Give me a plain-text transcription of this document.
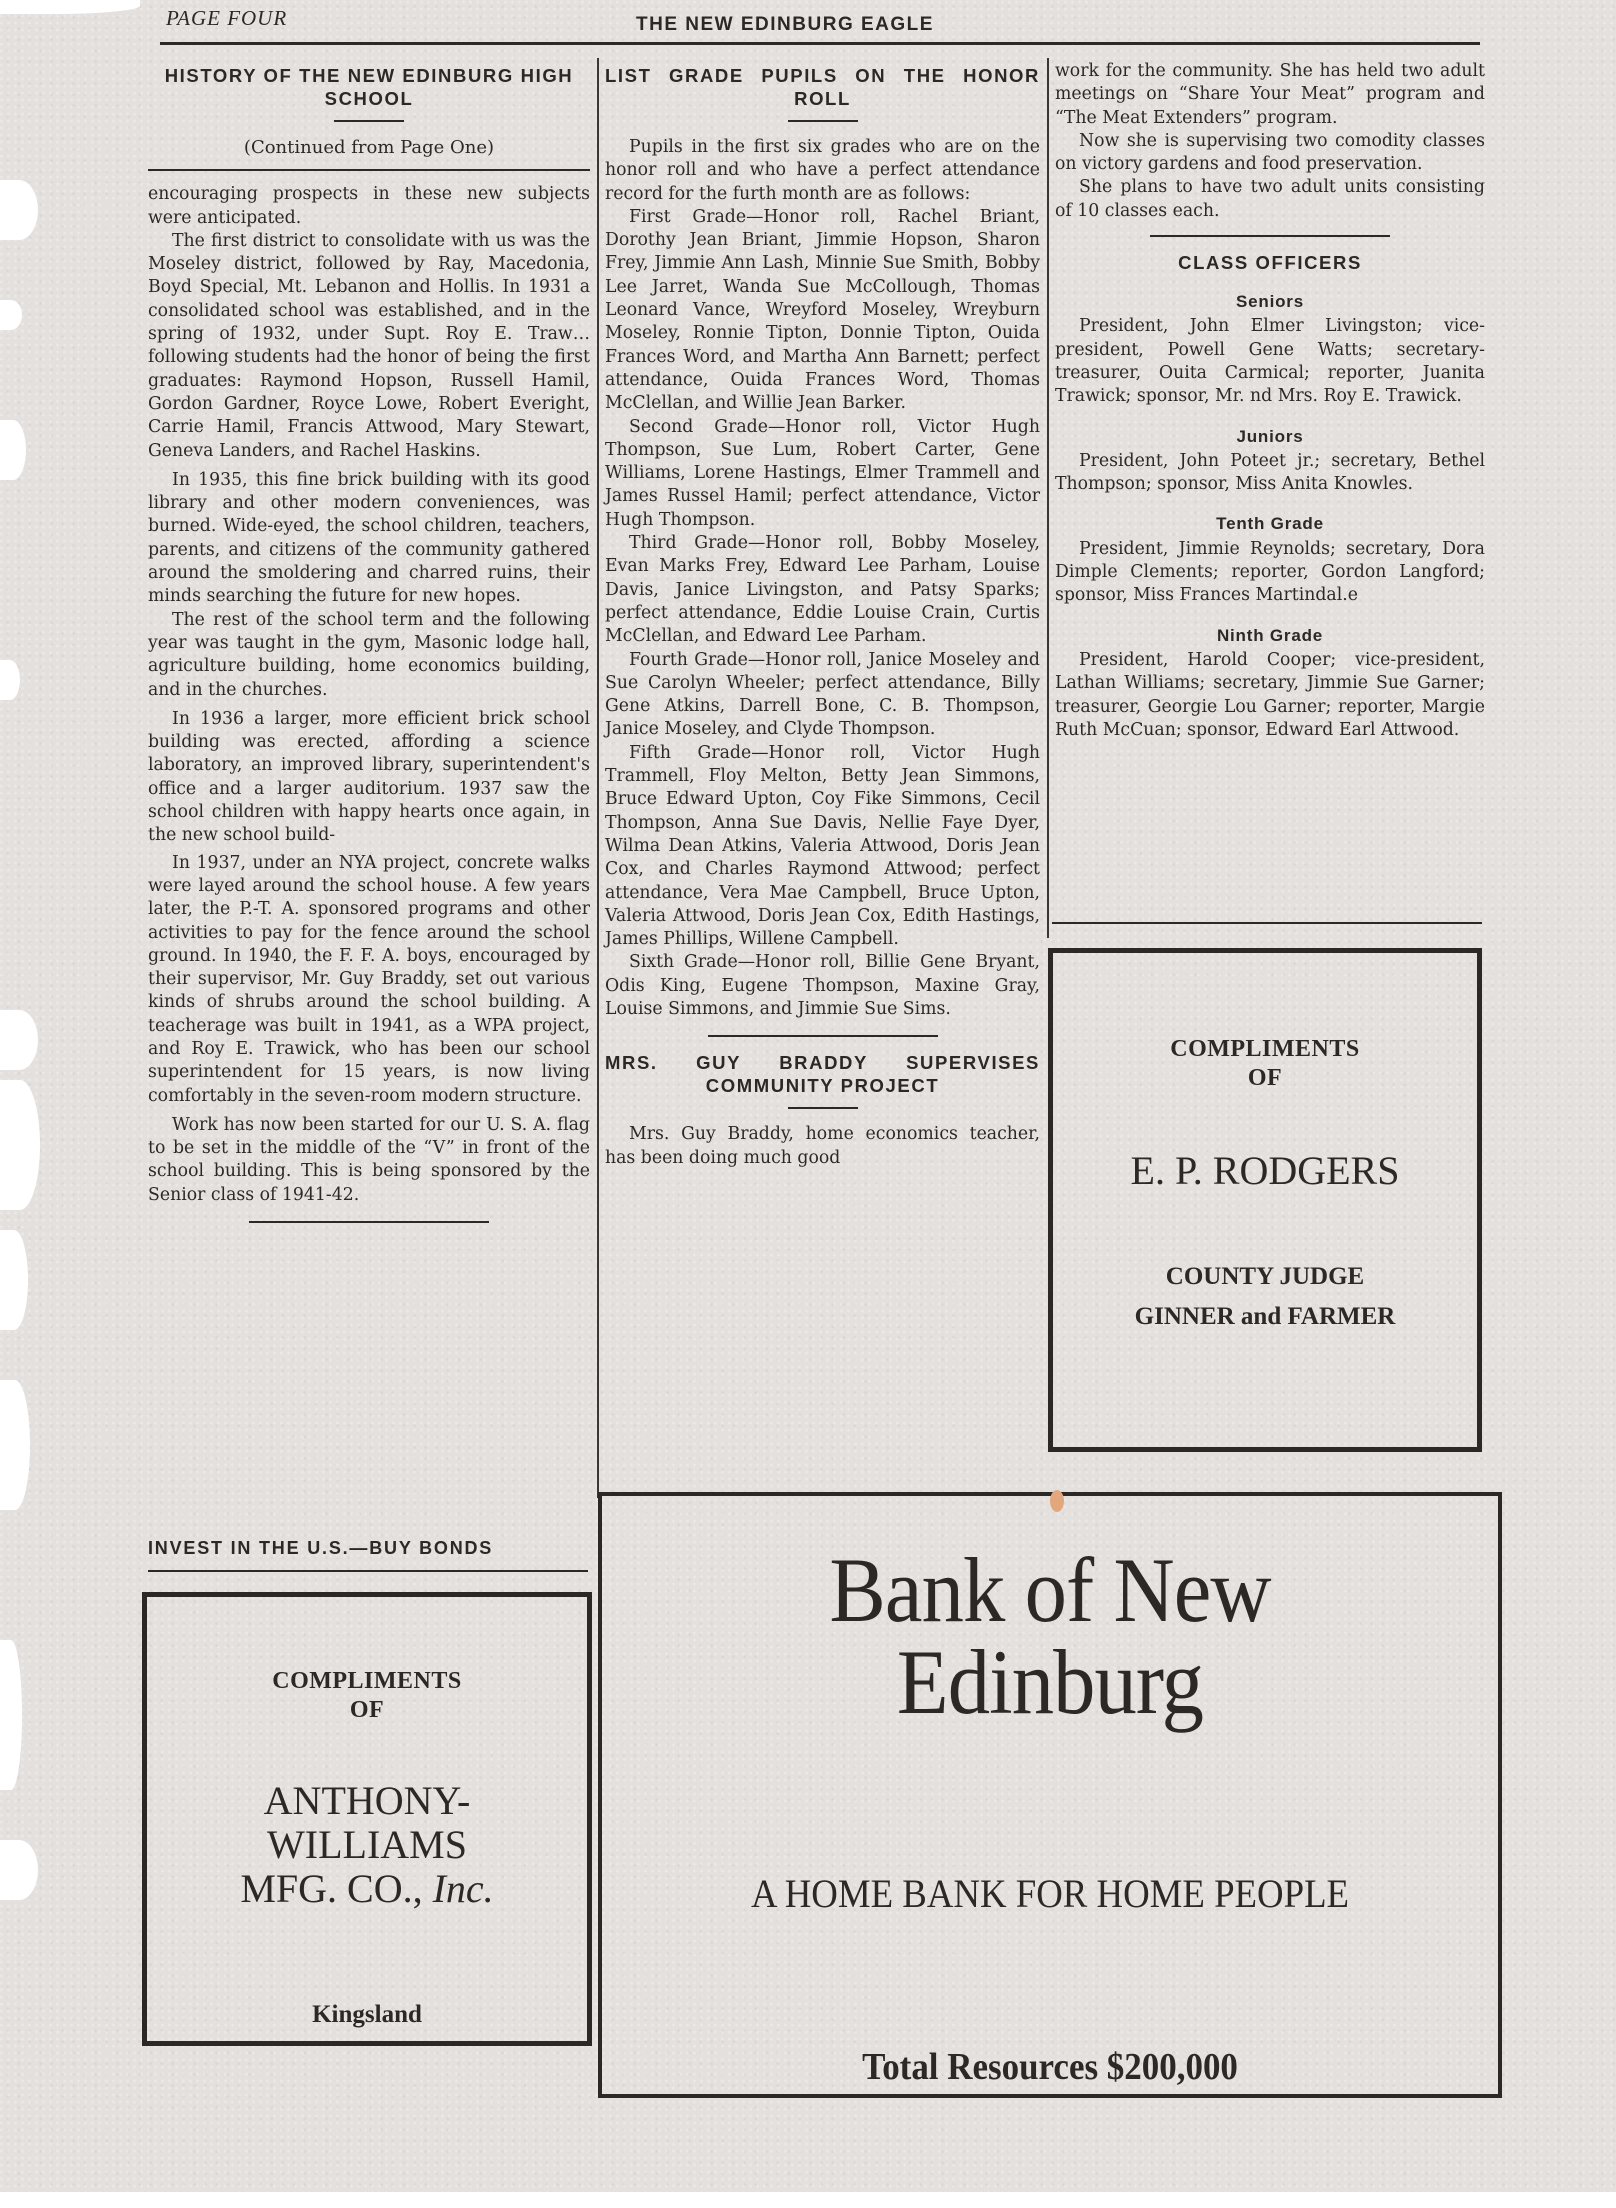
PAGE FOUR	THE NEW EDINBURG EAGLE
HISTORY OF THE NEW EDINBURG HIGH SCHOOL
(Continued from Page One)

encouraging prospects in these new subjects were anticipated.

The first district to consolidate with us was the Moseley district, followed by Ray, Macedonia, Boyd Special, Mt. Lebanon and Hollis. In 1931 a consolidated school was established, and in the spring of 1932, under Supt. Roy E. Traw… following students had the honor of being the first graduates: Raymond Hopson, Russell Hamil, Gordon Gardner, Royce Lowe, Robert Everight, Carrie Hamil, Francis Attwood, Mary Stewart, Geneva Landers, and Rachel Haskins.

In 1935, this fine brick building with its good library and other modern conveniences, was burned. Wide-eyed, the school children, teachers, parents, and citizens of the community gathered around the smoldering and charred ruins, their minds searching the future for new hopes.

The rest of the school term and the following year was taught in the gym, Masonic lodge hall, agriculture building, home economics building, and in the churches.

In 1936 a larger, more efficient brick school building was erected, affording a science laboratory, an improved library, superintendent's office and a larger auditorium. 1937 saw the school children with happy hearts once again, in the new school build-

In 1937, under an NYA project, concrete walks were layed around the school house. A few years later, the P.-T. A. sponsored programs and other activities to pay for the fence around the school ground. In 1940, the F. F. A. boys, encouraged by their supervisor, Mr. Guy Braddy, set out various kinds of shrubs around the school building. A teacherage was built in 1941, as a WPA project, and Roy E. Trawick, who has been our school superintendent for 15 years, is now living comfortably in the seven-room modern structure.

Work has now been started for our U. S. A. flag to be set in the middle of the “V” in front of the school building. This is being sponsored by the Senior class of 1941-42.

INVEST IN THE U.S.—BUY BONDS
LIST GRADE PUPILS ON THE HONOR ROLL

Pupils in the first six grades who are on the honor roll and who have a perfect attendance record for the furth month are as follows:

First Grade—Honor roll, Rachel Briant, Dorothy Jean Briant, Jimmie Hopson, Sharon Frey, Jimmie Ann Lash, Minnie Sue Smith, Bobby Lee Jarret, Wanda Sue McCollough, Thomas Leonard Vance, Wreyford Moseley, Wreyburn Moseley, Ronnie Tipton, Donnie Tipton, Ouida Frances Word, and Martha Ann Barnett; perfect attendance, Ouida Frances Word, Thomas McClellan, and Willie Jean Barker.

Second Grade—Honor roll, Victor Hugh Thompson, Sue Lum, Robert Carter, Gene Williams, Lorene Hastings, Elmer Trammell and James Russel Hamil; perfect attendance, Victor Hugh Thompson.

Third Grade—Honor roll, Bobby Moseley, Evan Marks Frey, Edward Lee Parham, Louise Davis, Janice Livingston, and Patsy Sparks; perfect attendance, Eddie Louise Crain, Curtis McClellan, and Edward Lee Parham.

Fourth Grade—Honor roll, Janice Moseley and Sue Carolyn Wheeler; perfect attendance, Billy Gene Atkins, Darrell Bone, C. B. Thompson, Janice Moseley, and Clyde Thompson.

Fifth Grade—Honor roll, Victor Hugh Trammell, Floy Melton, Betty Jean Simmons, Bruce Edward Upton, Coy Fike Simmons, Cecil Thompson, Anna Sue Davis, Nellie Faye Dyer, Wilma Dean Atkins, Valeria Attwood, Doris Jean Cox, and Charles Raymond Attwood; perfect attendance, Vera Mae Campbell, Bruce Upton, Valeria Attwood, Doris Jean Cox, Edith Hastings, James Phillips, Willene Campbell.

Sixth Grade—Honor roll, Billie Gene Bryant, Odis King, Eugene Thompson, Maxine Gray, Louise Simmons, and Jimmie Sue Sims.

MRS. GUY BRADDY SUPERVISES COMMUNITY PROJECT

Mrs. Guy Braddy, home economics teacher, has been doing much good

work for the community. She has held two adult meetings on “Share Your Meat” program and “The Meat Extenders” program.

Now she is supervising two comodity classes on victory gardens and food preservation.

She plans to have two adult units consisting of 10 classes each.

CLASS OFFICERS
Seniors

President, John Elmer Livingston; vice-president, Powell Gene Watts; secretary-treasurer, Ouita Carmical; reporter, Juanita Trawick; sponsor, Mr. nd Mrs. Roy E. Trawick.

Juniors

President, John Poteet jr.; secretary, Bethel Thompson; sponsor, Miss Anita Knowles.

Tenth Grade

President, Jimmie Reynolds; secretary, Dora Dimple Clements; reporter, Gordon Langford; sponsor, Miss Frances Martindal.e

Ninth Grade

President, Harold Cooper; vice-president, Lathan Williams; secretary, Jimmie Sue Garner; treasurer, Georgie Lou Garner; reporter, Margie Ruth McCuan; sponsor, Edward Earl Attwood.

COMPLIMENTS
OF
E. P. RODGERS
COUNTY JUDGE
GINNER and FARMER
COMPLIMENTS
OF
ANTHONY-
WILLIAMS
MFG. CO., Inc.
Kingsland
Bank of New
Edinburg
A HOME BANK FOR HOME PEOPLE
Total Resources $200,000
